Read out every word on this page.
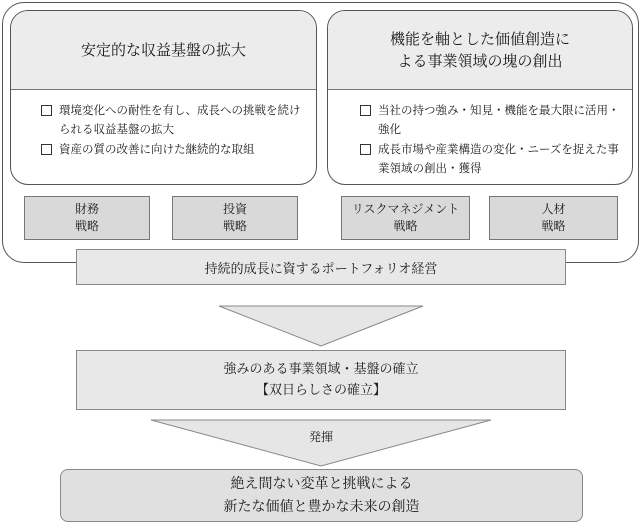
安定的な収益基盤の拡大
環境変化への耐性を有し、成長への挑戦を続けられる収益基盤の拡大
資産の質の改善に向けた継続的な取組
機能を軸とした価値創造に
よる事業領域の塊の創出
当社の持つ強み・知見・機能を最大限に活用・強化
成長市場や産業構造の変化・ニーズを捉えた事業領域の創出・獲得
財務
戦略
投資
戦略
リスクマネジメント
戦略
人材
戦略
持続的成長に資するポートフォリオ経営
強みのある事業領域・基盤の確立
【双日らしさの確立】
発揮
絶え間ない変革と挑戦による
新たな価値と豊かな未来の創造
